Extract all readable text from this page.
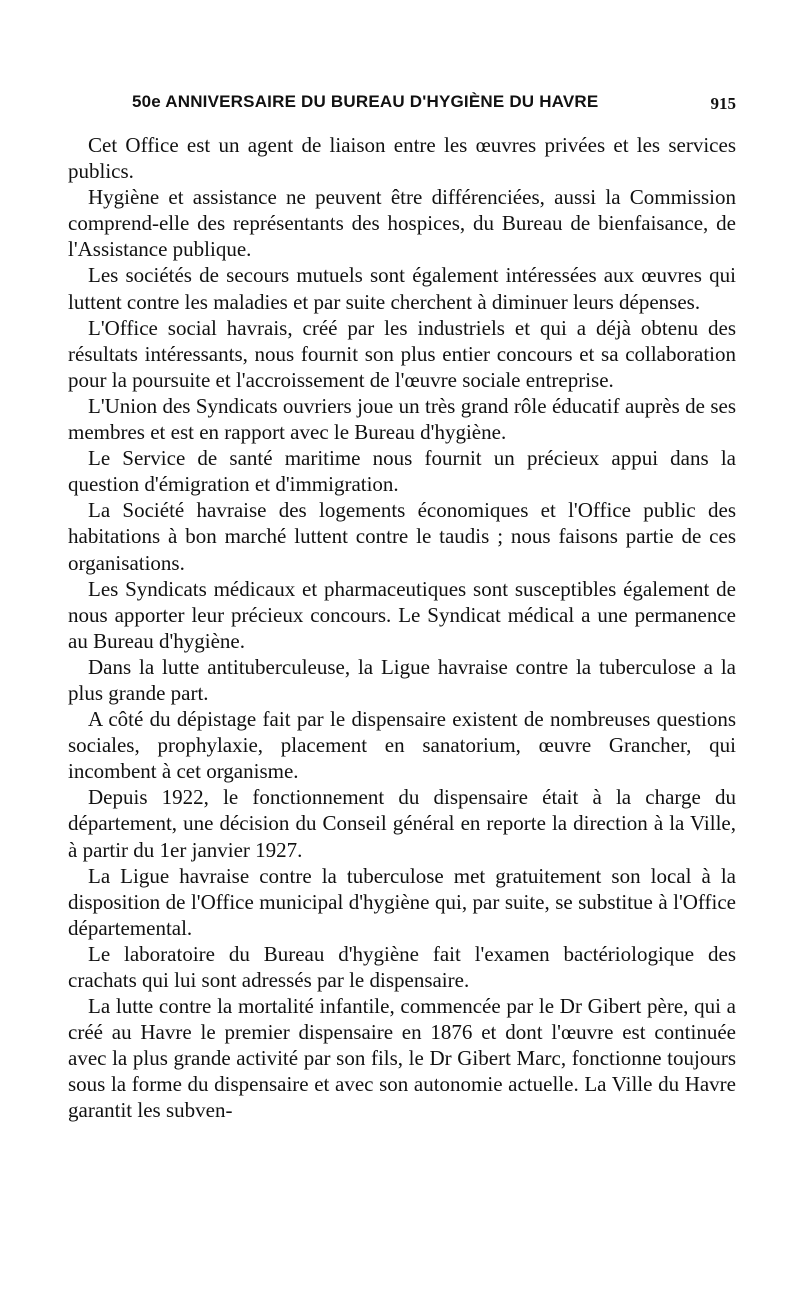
50e ANNIVERSAIRE DU BUREAU D'HYGIÈNE DU HAVRE	915

Cet Office est un agent de liaison entre les œuvres privées et les services publics.

Hygiène et assistance ne peuvent être différenciées, aussi la Commission comprend-elle des représentants des hospices, du Bureau de bienfaisance, de l'Assistance publique.

Les sociétés de secours mutuels sont également intéressées aux œuvres qui luttent contre les maladies et par suite cherchent à diminuer leurs dépenses.

L'Office social havrais, créé par les industriels et qui a déjà obtenu des résultats intéressants, nous fournit son plus entier concours et sa collaboration pour la poursuite et l'accroissement de l'œuvre sociale entreprise.

L'Union des Syndicats ouvriers joue un très grand rôle éducatif auprès de ses membres et est en rapport avec le Bureau d'hygiène.

Le Service de santé maritime nous fournit un précieux appui dans la question d'émigration et d'immigration.

La Société havraise des logements économiques et l'Office public des habitations à bon marché luttent contre le taudis ; nous faisons partie de ces organisations.

Les Syndicats médicaux et pharmaceutiques sont susceptibles également de nous apporter leur précieux concours. Le Syndicat médical a une permanence au Bureau d'hygiène.

Dans la lutte antituberculeuse, la Ligue havraise contre la tuberculose a la plus grande part.

A côté du dépistage fait par le dispensaire existent de nombreuses questions sociales, prophylaxie, placement en sanatorium, œuvre Grancher, qui incombent à cet organisme.

Depuis 1922, le fonctionnement du dispensaire était à la charge du département, une décision du Conseil général en reporte la direction à la Ville, à partir du 1er janvier 1927.

La Ligue havraise contre la tuberculose met gratuitement son local à la disposition de l'Office municipal d'hygiène qui, par suite, se substitue à l'Office départemental.

Le laboratoire du Bureau d'hygiène fait l'examen bactériologique des crachats qui lui sont adressés par le dispensaire.

La lutte contre la mortalité infantile, commencée par le Dr Gibert père, qui a créé au Havre le premier dispensaire en 1876 et dont l'œuvre est continuée avec la plus grande activité par son fils, le Dr Gibert Marc, fonctionne toujours sous la forme du dispensaire et avec son autonomie actuelle. La Ville du Havre garantit les subven-
